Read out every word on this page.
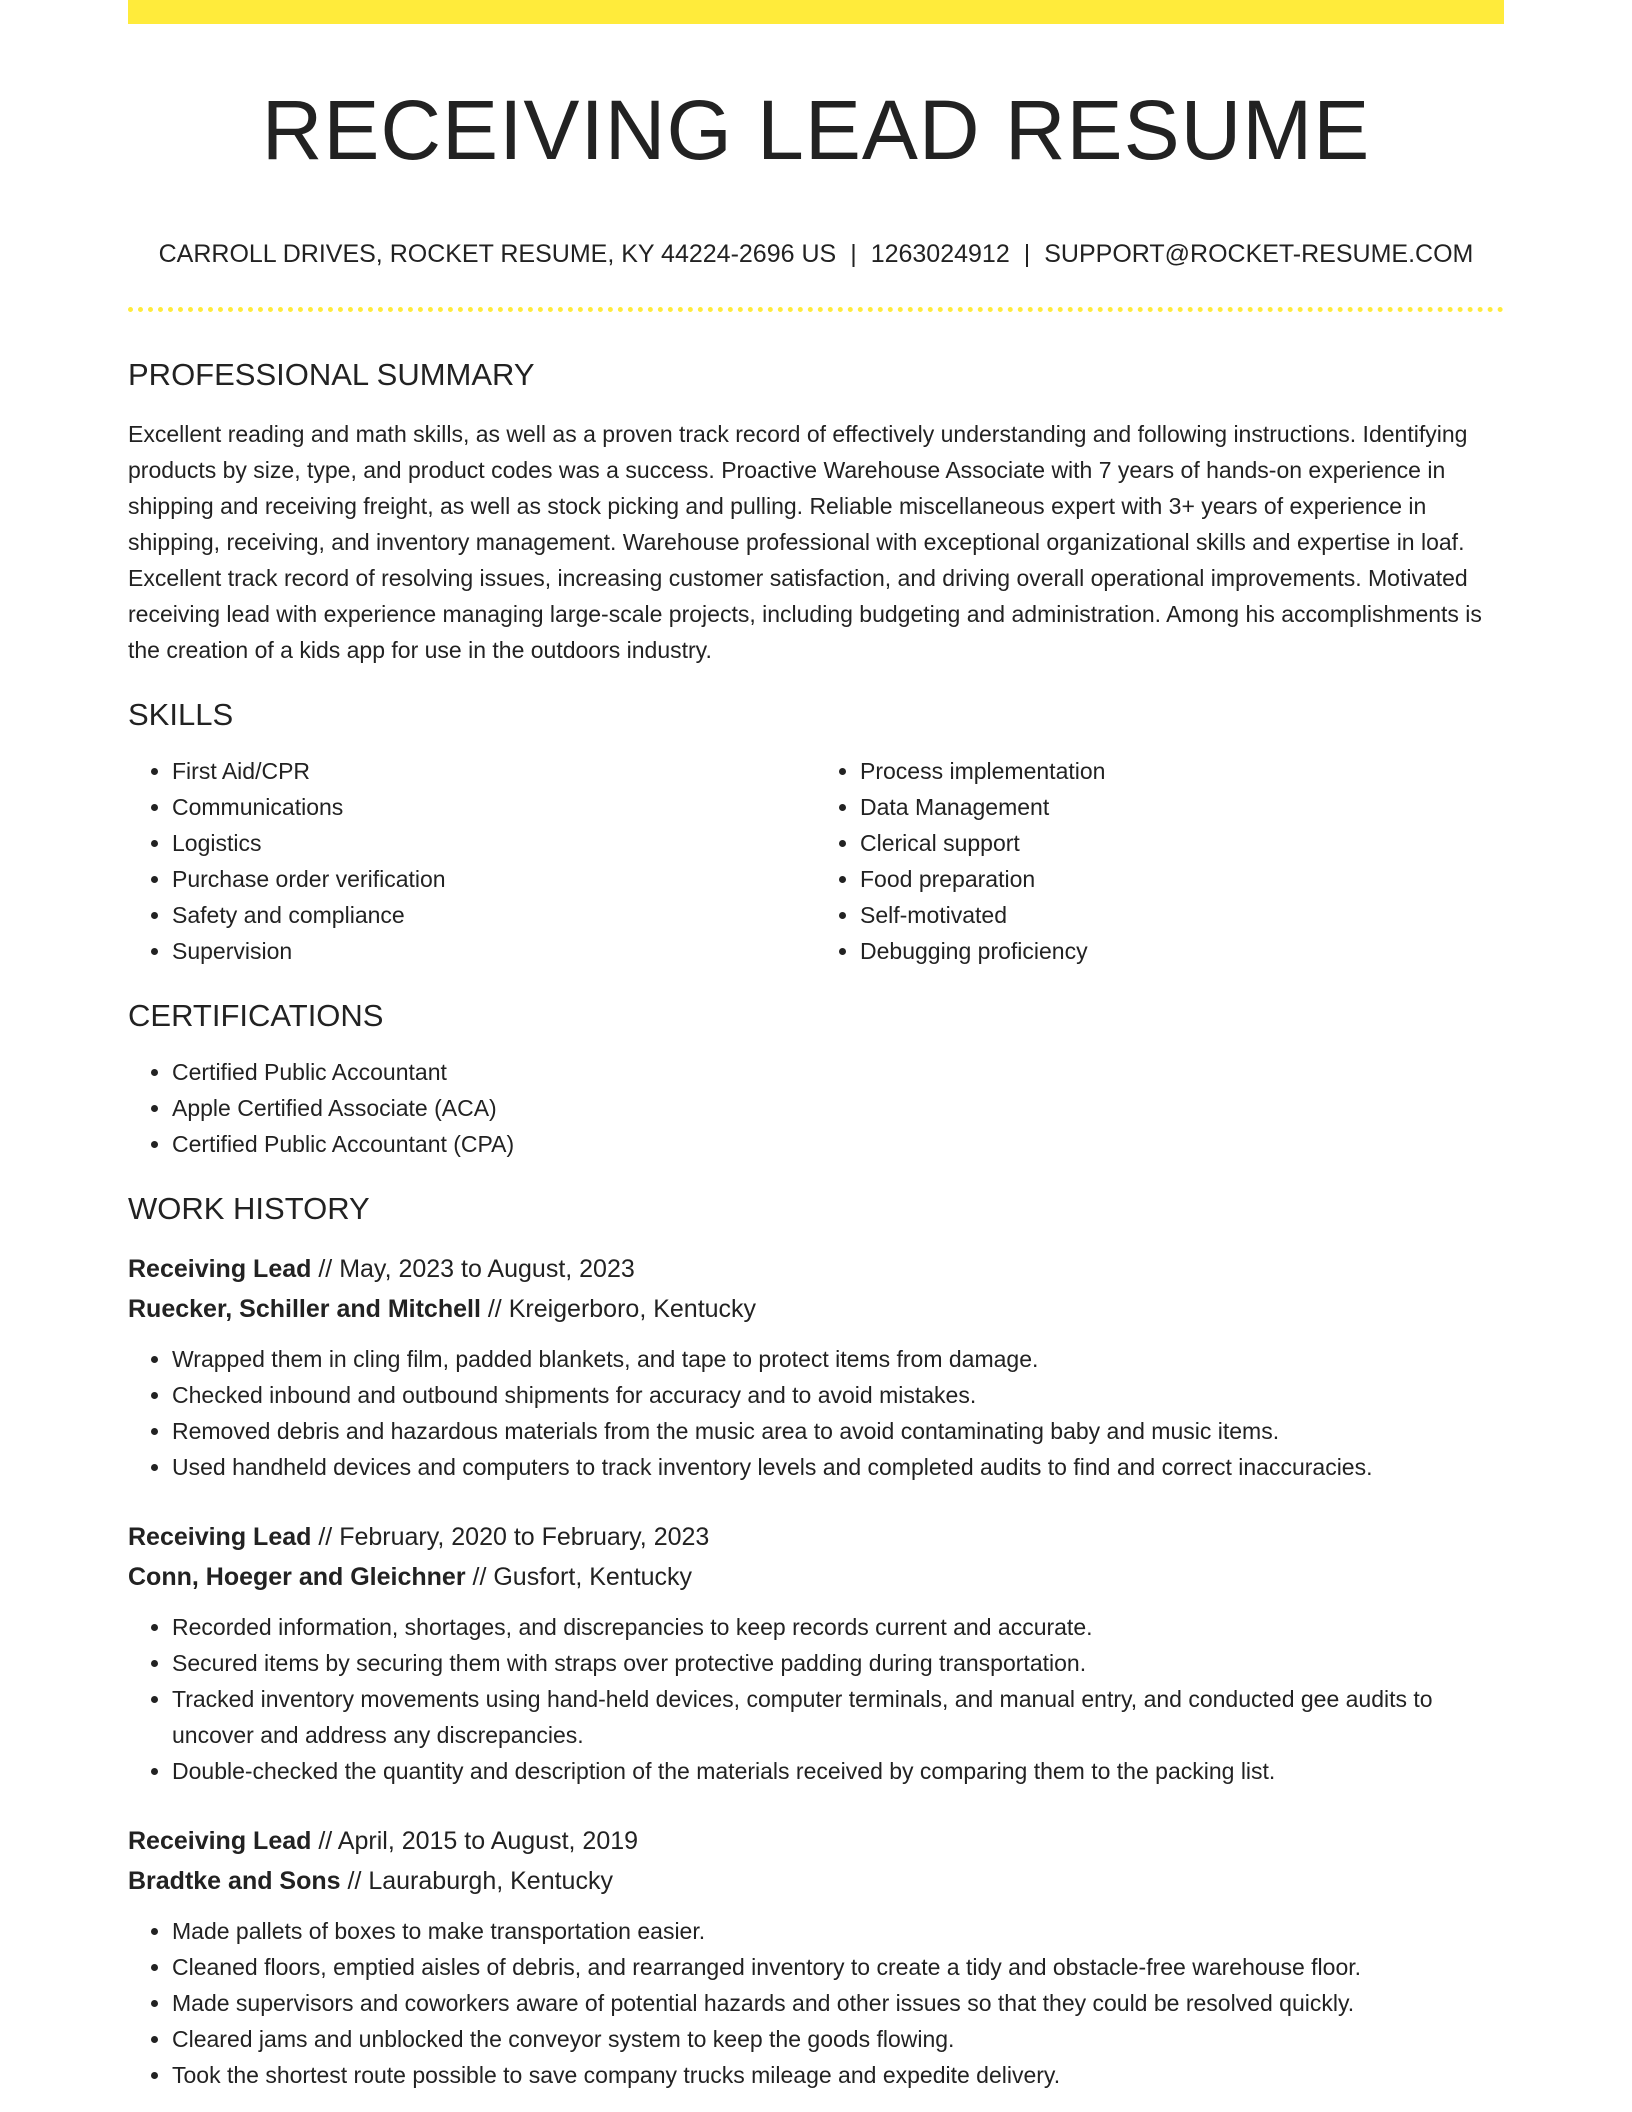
RECEIVING LEAD RESUME
CARROLL DRIVES, ROCKET RESUME, KY 44224-2696 US | 1263024912 | SUPPORT@ROCKET-RESUME.COM
PROFESSIONAL SUMMARY

Excellent reading and math skills, as well as a proven track record of effectively understanding and following instructions. Identifying products by size, type, and product codes was a success. Proactive Warehouse Associate with 7 years of hands-on experience in shipping and receiving freight, as well as stock picking and pulling. Reliable miscellaneous expert with 3+ years of experience in shipping, receiving, and inventory management. Warehouse professional with exceptional organizational skills and expertise in loaf. Excellent track record of resolving issues, increasing customer satisfaction, and driving overall operational improvements. Motivated receiving lead with experience managing large-scale projects, including budgeting and administration. Among his accomplishments is the creation of a kids app for use in the outdoors industry.

SKILLS
• First Aid/CPR
• Communications
• Logistics
• Purchase order verification
• Safety and compliance
• Supervision
• Process implementation
• Data Management
• Clerical support
• Food preparation
• Self-motivated
• Debugging proficiency
CERTIFICATIONS
• Certified Public Accountant
• Apple Certified Associate (ACA)
• Certified Public Accountant (CPA)
WORK HISTORY
Receiving Lead // May, 2023 to August, 2023
Ruecker, Schiller and Mitchell // Kreigerboro, Kentucky
• Wrapped them in cling film, padded blankets, and tape to protect items from damage.
• Checked inbound and outbound shipments for accuracy and to avoid mistakes.
• Removed debris and hazardous materials from the music area to avoid contaminating baby and music items.
• Used handheld devices and computers to track inventory levels and completed audits to find and correct inaccuracies.
Receiving Lead // February, 2020 to February, 2023
Conn, Hoeger and Gleichner // Gusfort, Kentucky
• Recorded information, shortages, and discrepancies to keep records current and accurate.
• Secured items by securing them with straps over protective padding during transportation.
• Tracked inventory movements using hand-held devices, computer terminals, and manual entry, and conducted gee audits to uncover and address any discrepancies.
• Double-checked the quantity and description of the materials received by comparing them to the packing list.
Receiving Lead // April, 2015 to August, 2019
Bradtke and Sons // Lauraburgh, Kentucky
• Made pallets of boxes to make transportation easier.
• Cleaned floors, emptied aisles of debris, and rearranged inventory to create a tidy and obstacle-free warehouse floor.
• Made supervisors and coworkers aware of potential hazards and other issues so that they could be resolved quickly.
• Cleared jams and unblocked the conveyor system to keep the goods flowing.
• Took the shortest route possible to save company trucks mileage and expedite delivery.
